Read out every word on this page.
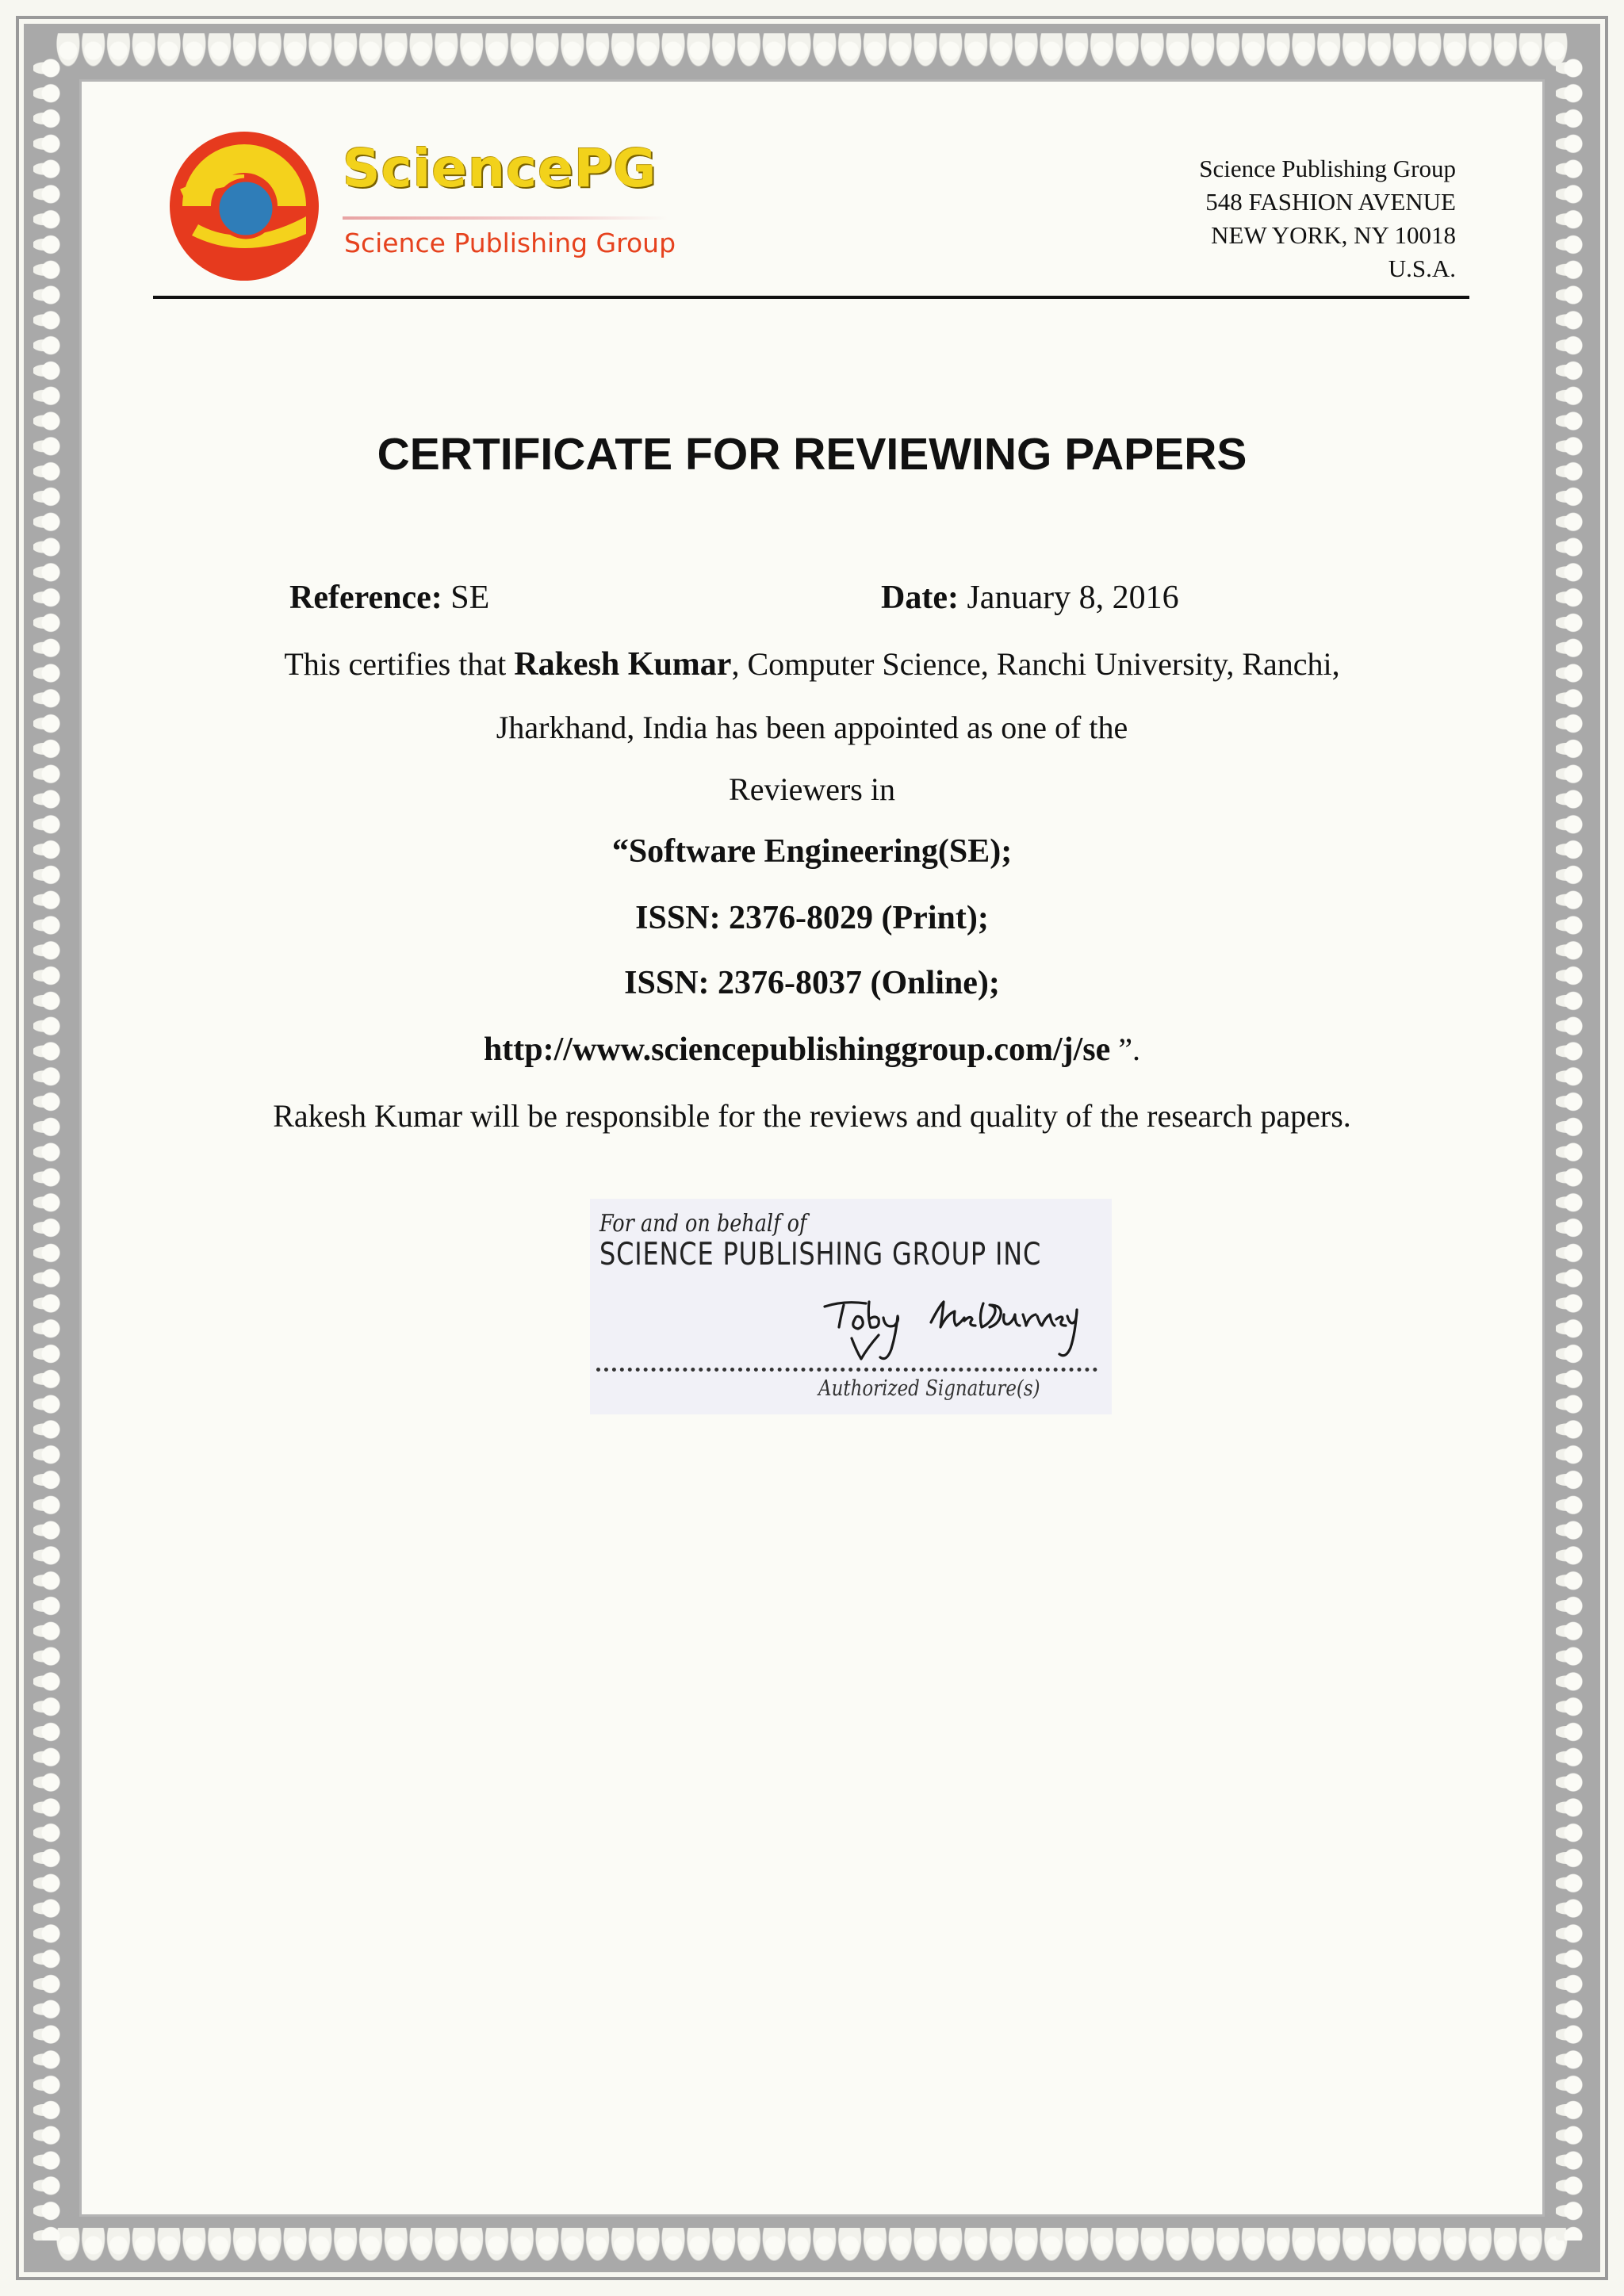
SciencePG
Science Publishing Group
Science Publishing Group
548 FASHION AVENUE
NEW YORK, NY 10018
U.S.A.
CERTIFICATE FOR REVIEWING PAPERS
Reference: SE	Date: January 8, 2016
This certifies that Rakesh Kumar, Computer Science, Ranchi University, Ranchi,
Jharkhand, India has been appointed as one of the
Reviewers in
“Software Engineering(SE);
ISSN: 2376-8029 (Print);
ISSN: 2376-8037 (Online);
http://www.sciencepublishinggroup.com/j/se ”.
Rakesh Kumar will be responsible for the reviews and quality of the research papers.
For and on behalf of
SCIENCE PUBLISHING GROUP INC
Authorized Signature(s)
